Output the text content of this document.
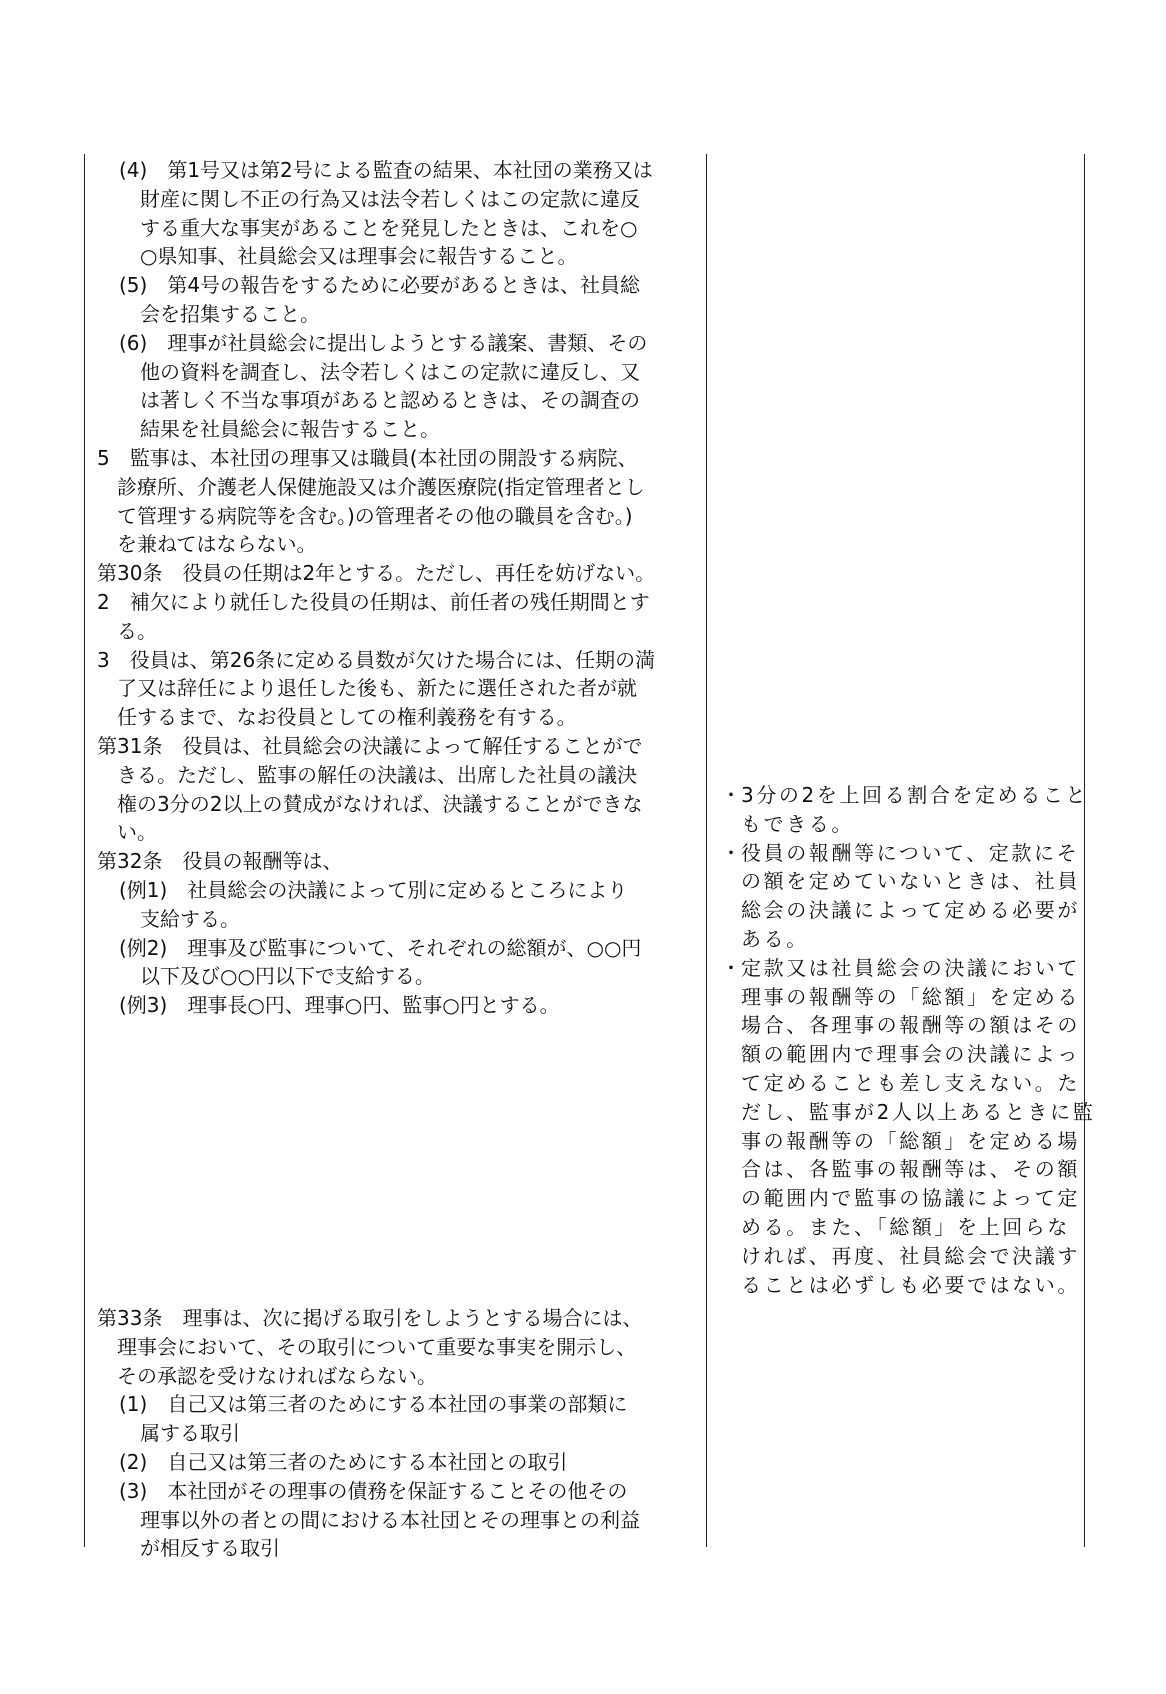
(4)　第1号又は第2号による監査の結果、本社団の業務又は
財産に関し不正の行為又は法令若しくはこの定款に違反
する重大な事実があることを発見したときは、これを○
○県知事、社員総会又は理事会に報告すること。
(5)　第4号の報告をするために必要があるときは、社員総
会を招集すること。
(6)　理事が社員総会に提出しようとする議案、書類、その
他の資料を調査し、法令若しくはこの定款に違反し、又
は著しく不当な事項があると認めるときは、その調査の
結果を社員総会に報告すること。
5　監事は、本社団の理事又は職員(本社団の開設する病院、
診療所、介護老人保健施設又は介護医療院(指定管理者とし
て管理する病院等を含む。)の管理者その他の職員を含む。)
を兼ねてはならない。
第30条　役員の任期は2年とする。ただし、再任を妨げない。
2　補欠により就任した役員の任期は、前任者の残任期間とす
る。
3　役員は、第26条に定める員数が欠けた場合には、任期の満
了又は辞任により退任した後も、新たに選任された者が就
任するまで、なお役員としての権利義務を有する。
第31条　役員は、社員総会の決議によって解任することがで
きる。ただし、監事の解任の決議は、出席した社員の議決
権の3分の2以上の賛成がなければ、決議することができな
い。
第32条　役員の報酬等は、
(例1)　社員総会の決議によって別に定めるところにより
支給する。
(例2)　理事及び監事について、それぞれの総額が、○○円
以下及び○○円以下で支給する。
(例3)　理事長○円、理事○円、監事○円とする。
第33条　理事は、次に掲げる取引をしようとする場合には、
理事会において、その取引について重要な事実を開示し、
その承認を受けなければならない。
(1)　自己又は第三者のためにする本社団の事業の部類に
属する取引
(2)　自己又は第三者のためにする本社団との取引
(3)　本社団がその理事の債務を保証することその他その
理事以外の者との間における本社団とその理事との利益
が相反する取引
・
3分の2を上回る割合を定めること
もできる。
・
役員の報酬等について、定款にそ
の額を定めていないときは、社員
総会の決議によって定める必要が
ある。
・
定款又は社員総会の決議において
理事の報酬等の「総額」を定める
場合、各理事の報酬等の額はその
額の範囲内で理事会の決議によっ
て定めることも差し支えない。た
だし、監事が2人以上あるときに監
事の報酬等の「総額」を定める場
合は、各監事の報酬等は、その額
の範囲内で監事の協議によって定
める。また、「総額」を上回らな
ければ、再度、社員総会で決議す
ることは必ずしも必要ではない。
